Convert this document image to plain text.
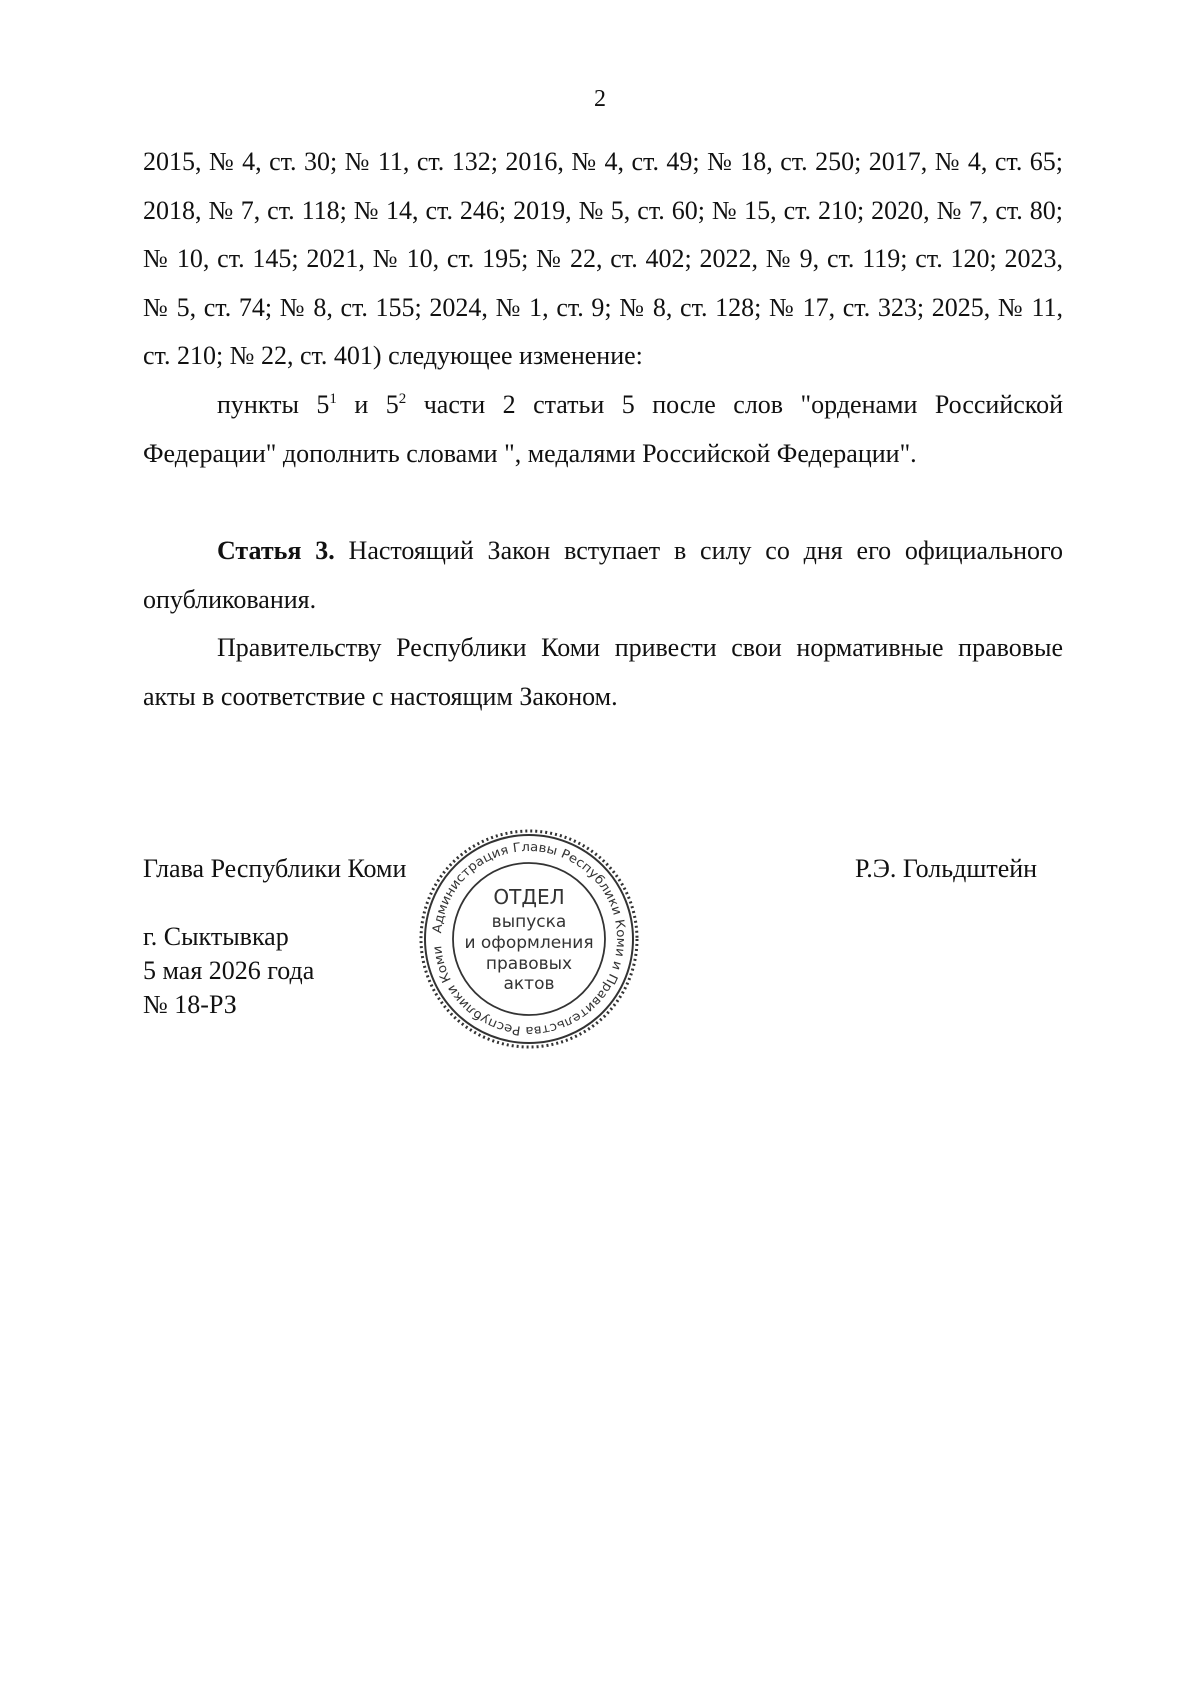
2

2015, № 4, ст. 30; № 11, ст. 132; 2016, № 4, ст. 49; № 18, ст. 250; 2017, № 4, ст. 65; 2018, № 7, ст. 118; № 14, ст. 246; 2019, № 5, ст. 60; № 15, ст. 210; 2020, № 7, ст. 80; № 10, ст. 145; 2021, № 10, ст. 195; № 22, ст. 402; 2022, № 9, ст. 119; ст. 120; 2023, № 5, ст. 74; № 8, ст. 155; 2024, № 1, ст. 9; № 8, ст. 128; № 17, ст. 323; 2025, № 11, ст. 210; № 22, ст. 401) следующее изменение:

пункты $5^1$ и $5^2$ части 2 статьи 5 после слов "орденами Российской Федерации" дополнить словами ", медалями Российской Федерации".

Статья 3. Настоящий Закон вступает в силу со дня его официального опубликования.

Правительству Республики Коми привести свои нормативные правовые акты в соответствие с настоящим Законом.

Глава Республики Коми	Р.Э. Гольдштейн
г. Сыктывкар
5 мая 2026 года
№ 18-РЗ
Администрация Главы Республики Коми и Правительства Республики Коми
ОТДЕЛ
выпуска
и оформления
правовых
актов
